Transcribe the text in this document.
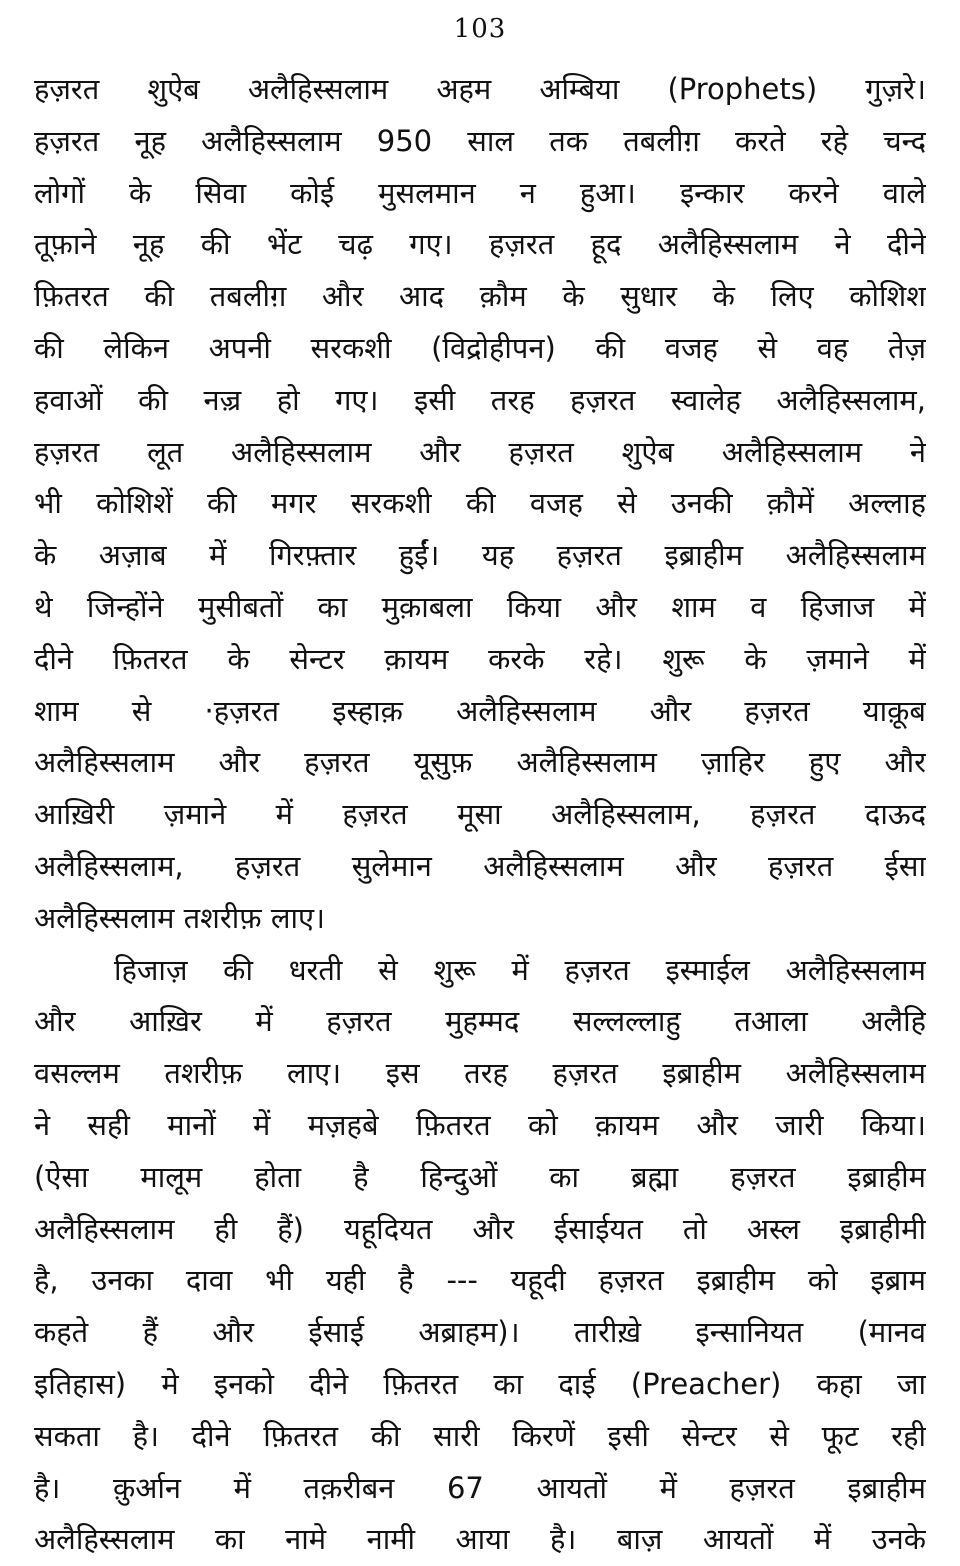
103
हज़रत शुऐब अलैहिस्सलाम अहम अम्बिया (Prophets) गुज़रे।
हज़रत नूह अलैहिस्सलाम 950 साल तक तबलीग़ करते रहे चन्द
लोगों के सिवा कोई मुसलमान न हुआ। इन्कार करने वाले
तूफ़ाने नूह की भेंट चढ़ गए। हज़रत हूद अलैहिस्सलाम ने दीने
फ़ितरत की तबलीग़ और आद क़ौम के सुधार के लिए कोशिश
की लेकिन अपनी सरकशी (विद्रोहीपन) की वजह से वह तेज़
हवाओं की नज़्र हो गए। इसी तरह हज़रत स्वालेह अलैहिस्सलाम,
हज़रत लूत अलैहिस्सलाम और हज़रत शुऐब अलैहिस्सलाम ने
भी कोशिशें की मगर सरकशी की वजह से उनकी क़ौमें अल्लाह
के अज़ाब में गिरफ़्तार हुईं। यह हज़रत इब्राहीम अलैहिस्सलाम
थे जिन्होंने मुसीबतों का मुक़ाबला किया और शाम व हिजाज में
दीने फ़ितरत के सेन्टर क़ायम करके रहे। शुरू के ज़माने में
शाम से ·हज़रत इस्हाक़ अलैहिस्सलाम और हज़रत याक़ूब
अलैहिस्सलाम और हज़रत यूसुफ़ अलैहिस्सलाम ज़ाहिर हुए और
आख़िरी ज़माने में हज़रत मूसा अलैहिस्सलाम, हज़रत दाऊद
अलैहिस्सलाम, हज़रत सुलेमान अलैहिस्सलाम और हज़रत ईसा
अलैहिस्सलाम तशरीफ़ लाए।
हिजाज़ की धरती से शुरू में हज़रत इस्माईल अलैहिस्सलाम
और आख़िर में हज़रत मुहम्मद सल्लल्लाहु तआला अलैहि
वसल्लम तशरीफ़ लाए। इस तरह हज़रत इब्राहीम अलैहिस्सलाम
ने सही मानों में मज़हबे फ़ितरत को क़ायम और जारी किया।
(ऐसा मालूम होता है हिन्दुओं का ब्रह्मा हज़रत इब्राहीम
अलैहिस्सलाम ही हैं) यहूदियत और ईसाईयत तो अस्ल इब्राहीमी
है, उनका दावा भी यही है --- यहूदी हज़रत इब्राहीम को इब्राम
कहते हैं और ईसाई अब्राहम)। तारीख़े इन्सानियत (मानव
इतिहास) मे इनको दीने फ़ितरत का दाई (Preacher) कहा जा
सकता है। दीने फ़ितरत की सारी किरणें इसी सेन्टर से फूट रही
है। क़ुर्आन में तक़रीबन 67 आयतों में हज़रत इब्राहीम
अलैहिस्सलाम का नामे नामी आया है। बाज़ आयतों में उनके
